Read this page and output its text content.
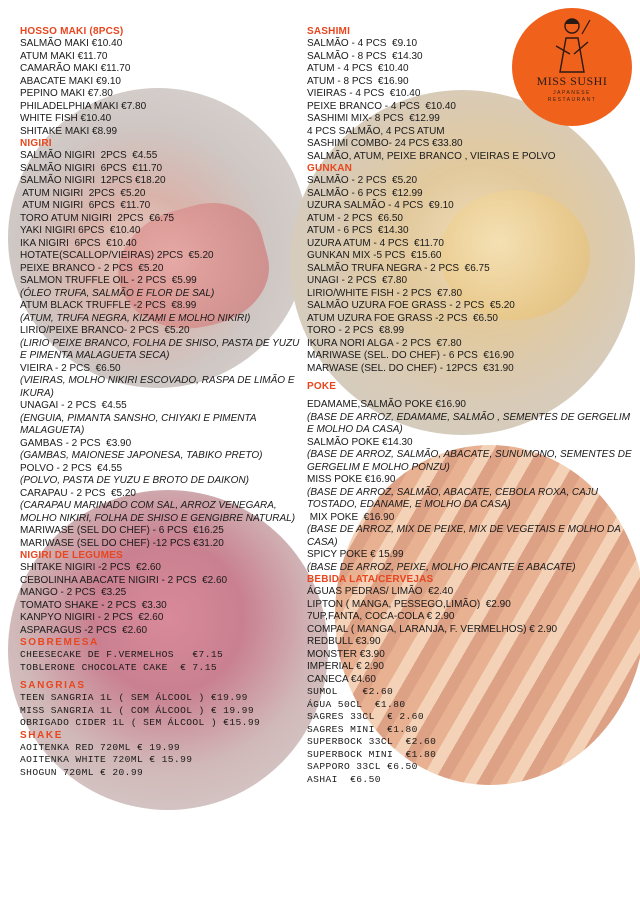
MISS SUSHI
JAPANESE
RESTAURANT
HOSSO MAKI (8PCS)
SALMÃO MAKI €10.40
ATUM MAKI €11.70
CAMARÃO MAKI €11.70
ABACATE MAKI €9.10
PEPINO MAKI €7.80
PHILADELPHIA MAKI €7.80
WHITE FISH €10.40
SHITAKE MAKI €8.99
NIGIRI
SALMÃO NIGIRI  2PCS  €4.55
SALMÃO NIGIRI  6PCS  €11.70
SALMÃO NIGIRI  12PCS €18.20
ATUM NIGIRI  2PCS  €5.20
ATUM NIGIRI  6PCS  €11.70
TORO ATUM NIGIRI  2PCS  €6.75
YAKI NIGIRI 6PCS  €10.40
IKA NIGIRI  6PCS  €10.40
HOTATE(SCALLOP/VIEIRAS) 2PCS  €5.20
PEIXE BRANCO - 2 PCS  €5.20
SALMON TRUFFLE OIL - 2 PCS  €5.99
(ÓLEO TRUFA, SALMÃO E FLOR DE SAL)
ATUM BLACK TRUFFLE -2 PCS  €8.99
(ATUM, TRUFA NEGRA, KIZAMI E MOLHO NIKIRI)
LIRIO/PEIXE BRANCO- 2 PCS  €5.20
(LIRIO PEIXE BRANCO, FOLHA DE SHISO, PASTA DE YUZU E PIMENTA MALAGUETA SECA)
VIEIRA - 2 PCS  €6.50
(VIEIRAS, MOLHO NIKIRI ESCOVADO, RASPA DE LIMÃO E IKURA)
UNAGAI - 2 PCS  €4.55
(ENGUIA, PIMANTA SANSHO, CHIYAKI E PIMENTA MALAGUETA)
GAMBAS - 2 PCS  €3.90
(GAMBAS, MAIONESE JAPONESA, TABIKO PRETO)
POLVO - 2 PCS  €4.55
(POLVO, PASTA DE YUZU E BROTO DE DAIKON)
CARAPAU - 2 PCS  €5.20
(CARAPAU MARINADO COM SAL, ARROZ VENEGARA, MOLHO NIKIRI, FOLHA DE SHISO E GENGIBRE NATURAL)
MARIWASE (SEL DO CHEF) - 6 PCS  €16.25
MARIWASE (SEL DO CHEF) -12 PCS €31.20
NIGIRI DE LEGUMES
SHITAKE NIGIRI -2 PCS  €2.60
CEBOLINHA ABACATE NIGIRI - 2 PCS  €2.60
MANGO - 2 PCS  €3.25
TOMATO SHAKE - 2 PCS  €3.30
KANPYO NIGIRI - 2 PCS  €2.60
ASPARAGUS -2 PCS  €2.60
SOBREMESA
CHEESECAKE DE F.VERMELHOS   €7.15
TOBLERONE CHOCOLATE CAKE  € 7.15
SANGRIAS
TEEN SANGRIA 1L ( SEM ÁLCOOL ) €19.99
MISS SANGRIA 1L ( COM ÁLCOOL ) € 19.99
OBRIGADO CIDER 1L ( SEM ÁLCOOL ) €15.99
SHAKE
AOITENKA RED 720ML € 19.99
AOITENKA WHITE 720ML € 15.99
SHOGUN 720ML € 20.99
SASHIMI
SALMÃO - 4 PCS  €9.10
SALMÃO - 8 PCS  €14.30
ATUM - 4 PCS  €10.40
ATUM - 8 PCS  €16.90
VIEIRAS - 4 PCS  €10.40
PEIXE BRANCO - 4 PCS  €10.40
SASHIMI MIX- 8 PCS  €12.99
4 PCS SALMÃO, 4 PCS ATUM
SASHIMI COMBO- 24 PCS €33.80
SALMÃO, ATUM, PEIXE BRANCO , VIEIRAS E POLVO
GUNKAN
SALMÃO - 2 PCS  €5.20
SALMÃO - 6 PCS  €12.99
UZURA SALMÃO - 4 PCS  €9.10
ATUM - 2 PCS  €6.50
ATUM - 6 PCS  €14.30
UZURA ATUM - 4 PCS  €11.70
GUNKAN MIX -5 PCS  €15.60
SALMÃO TRUFA NEGRA - 2 PCS  €6.75
UNAGI - 2 PCS  €7.80
LIRIO/WHITE FISH - 2 PCS  €7.80
SALMÃO UZURA FOE GRASS - 2 PCS  €5.20
ATUM UZURA FOE GRASS -2 PCS  €6.50
TORO - 2 PCS  €8.99
IKURA NORI ALGA - 2 PCS  €7.80
MARIWASE (SEL. DO CHEF) - 6 PCS  €16.90
MARWASE (SEL. DO CHEF) - 12PCS  €31.90
POKE
EDAMAME,SALMÃO POKE €16.90
(BASE DE ARROZ, EDAMAME, SALMÃO , SEMENTES DE GERGELIM E MOLHO DA CASA)
SALMÃO POKE €14.30
(BASE DE ARROZ, SALMÃO, ABACATE, SUNUMONO, SEMENTES DE GERGELIM E MOLHO PONZU)
MISS POKE €16.90
(BASE DE ARROZ, SALMÃO, ABACATE, CEBOLA ROXA, CAJU TOSTADO, EDANAME, E MOLHO DA CASA)
MIX POKE  €16.90
(BASE DE ARROZ, MIX DE PEIXE, MIX DE VEGETAIS E MOLHO DA CASA)
SPICY POKE € 15.99
(BASE DE ARROZ, PEIXE, MOLHO PICANTE E ABACATE)
BEBIDA LATA/CERVEJAS
ÁGUAS PEDRAS/ LIMÃO  €2.40
LIPTON ( MANGA, PESSEGO,LIMÃO)  €2.90
7UP,FANTA, COCA-COLA € 2.90
COMPAL ( MANGA, LARANJA, F. VERMELHOS) € 2.90
REDBULL €3.90
MONSTER €3.90
IMPERIAL € 2.90
CANECA €4.60
SUMOL    €2.60
ÁGUA 50CL  €1.80
SAGRES 33CL  € 2.60
SAGRES MINI  €1.80
SUPERBOCK 33CL  €2.60
SUPERBOCK MINI  €1.80
SAPPORO 33CL €6.50
ASHAI  €6.50
